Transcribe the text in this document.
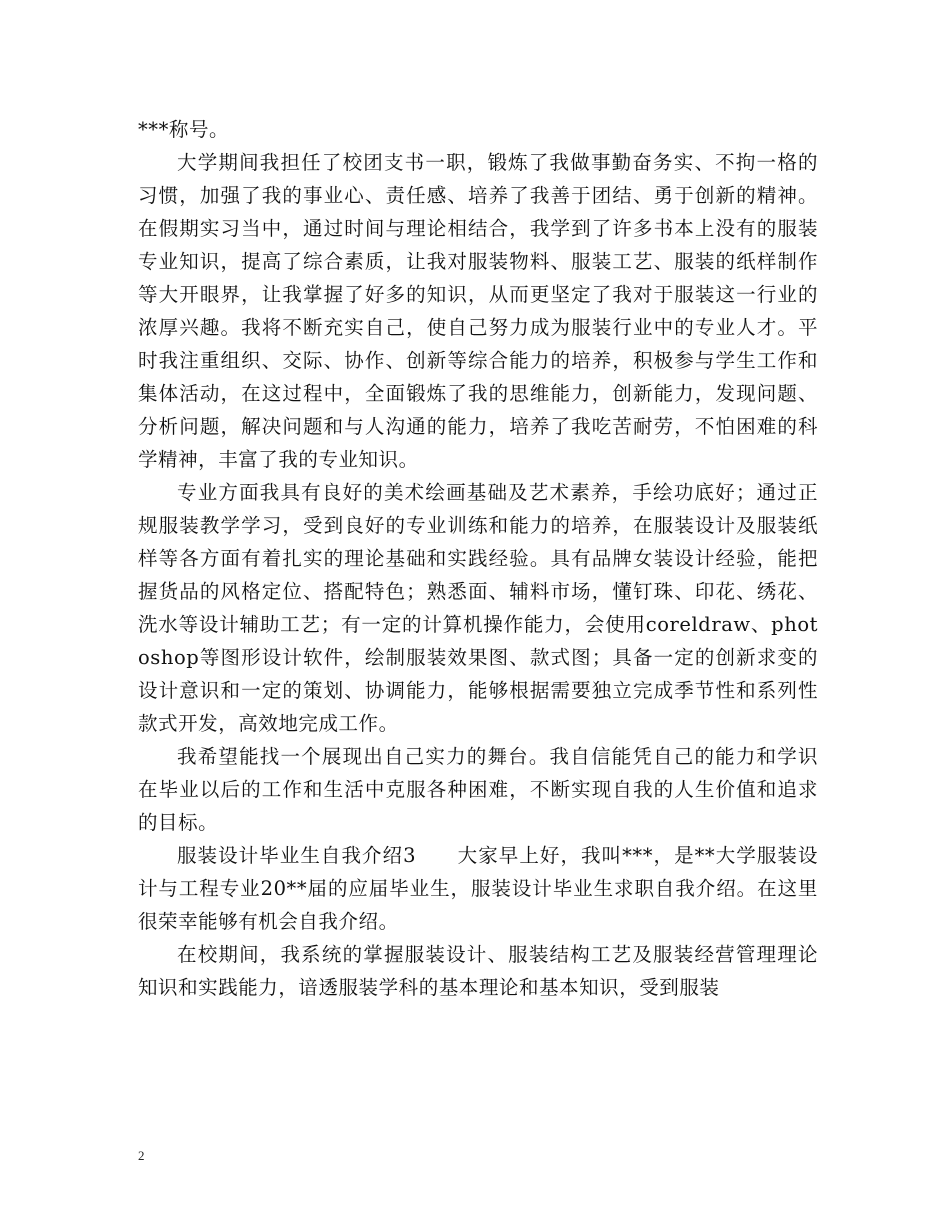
***称号。

大学期间我担任了校团支书一职，锻炼了我做事勤奋务实、不拘一格的习惯，加强了我的事业心、责任感、培养了我善于团结、勇于创新的精神。在假期实习当中，通过时间与理论相结合，我学到了许多书本上没有的服装专业知识，提高了综合素质，让我对服装物料、服装工艺、服装的纸样制作等大开眼界，让我掌握了好多的知识，从而更坚定了我对于服装这一行业的浓厚兴趣。我将不断充实自己，使自己努力成为服装行业中的专业人才。平时我注重组织、交际、协作、创新等综合能力的培养，积极参与学生工作和集体活动，在这过程中，全面锻炼了我的思维能力，创新能力，发现问题、分析问题，解决问题和与人沟通的能力，培养了我吃苦耐劳，不怕困难的科学精神，丰富了我的专业知识。

专业方面我具有良好的美术绘画基础及艺术素养，手绘功底好；通过正规服装教学学习，受到良好的专业训练和能力的培养，在服装设计及服装纸样等各方面有着扎实的理论基础和实践经验。具有品牌女装设计经验，能把握货品的风格定位、搭配特色；熟悉面、辅料市场，懂钉珠、印花、绣花、洗水等设计辅助工艺；有一定的计算机操作能力，会使用coreldraw、photoshop等图形设计软件，绘制服装效果图、款式图；具备一定的创新求变的设计意识和一定的策划、协调能力，能够根据需要独立完成季节性和系列性款式开发，高效地完成工作。

我希望能找一个展现出自己实力的舞台。我自信能凭自己的能力和学识在毕业以后的工作和生活中克服各种困难，不断实现自我的人生价值和追求的目标。

服装设计毕业生自我介绍3　　大家早上好，我叫***，是**大学服装设计与工程专业20**届的应届毕业生，服装设计毕业生求职自我介绍。在这里很荣幸能够有机会自我介绍。

在校期间，我系统的掌握服装设计、服装结构工艺及服装经营管理理论知识和实践能力，谙透服装学科的基本理论和基本知识，受到服装

2
